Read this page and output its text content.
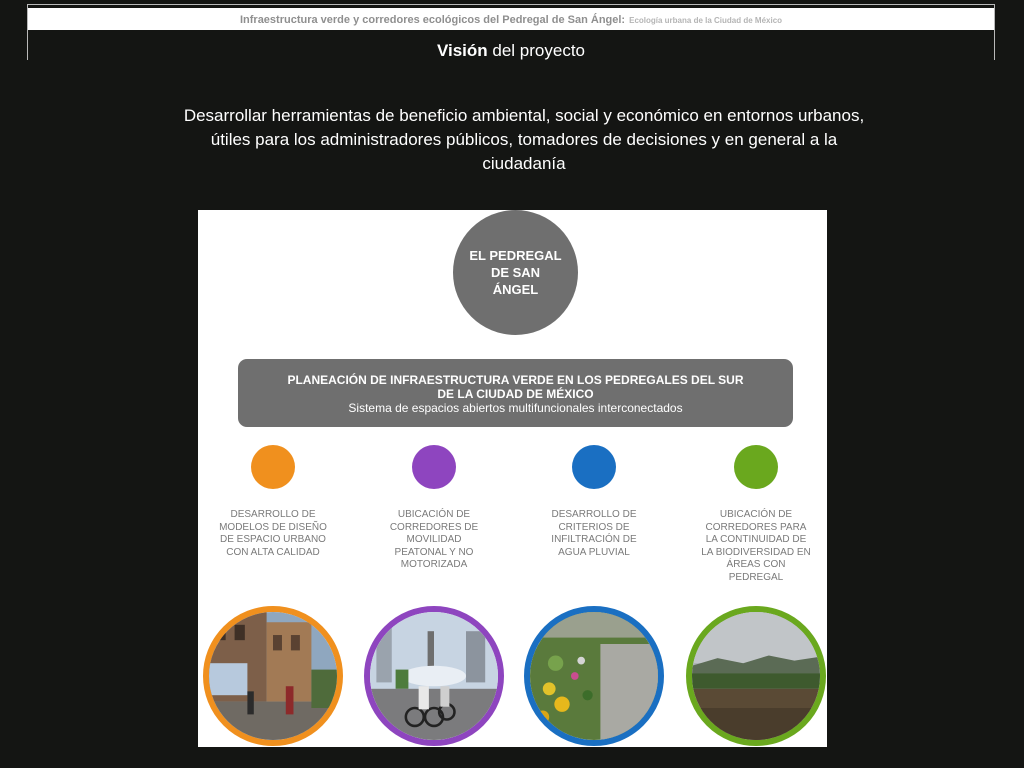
Infraestructura verde y corredores ecológicos del Pedregal de San Ángel: Ecología urbana de la Ciudad de México
Visión del proyecto
Desarrollar herramientas de beneficio ambiental, social y económico en entornos urbanos, útiles para los administradores públicos, tomadores de decisiones y en general a la ciudadanía
EL PEDREGAL
DE SAN
ÁNGEL
PLANEACIÓN DE INFRAESTRUCTURA VERDE EN LOS PEDREGALES DEL SUR
DE LA CIUDAD DE MÉXICO
Sistema de espacios abiertos multifuncionales interconectados
DESARROLLO DE
MODELOS DE DISEÑO
DE ESPACIO URBANO
CON ALTA CALIDAD
UBICACIÓN DE
CORREDORES DE
MOVILIDAD
PEATONAL Y NO
MOTORIZADA
DESARROLLO DE
CRITERIOS DE
INFILTRACIÓN DE
AGUA PLUVIAL
UBICACIÓN DE
CORREDORES PARA
LA CONTINUIDAD DE
LA BIODIVERSIDAD EN
ÁREAS CON
PEDREGAL
